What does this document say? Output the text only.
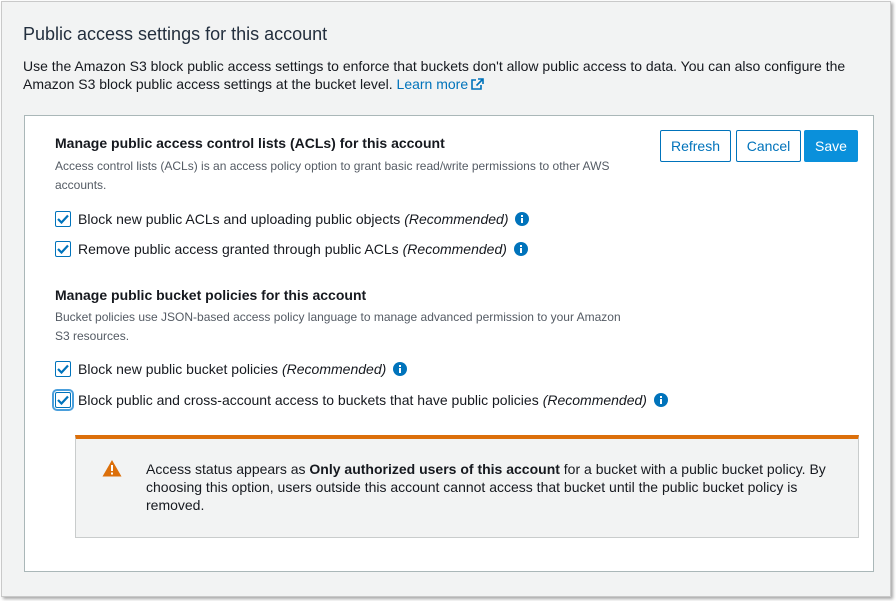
Public access settings for this account
Use the Amazon S3 block public access settings to enforce that buckets don't allow public access to data. You can also configure the Amazon S3 block public access settings at the bucket level. Learn more
Manage public access control lists (ACLs) for this account
Access control lists (ACLs) is an access policy option to grant basic read/write permissions to other AWS accounts.
Refresh	Cancel	Save
Block new public ACLs and uploading public objects (Recommended)
Remove public access granted through public ACLs (Recommended)
Manage public bucket policies for this account
Bucket policies use JSON-based access policy language to manage advanced permission to your Amazon S3 resources.
Block new public bucket policies (Recommended)
Block public and cross-account access to buckets that have public policies (Recommended)
Access status appears as Only authorized users of this account for a bucket with a public bucket policy. By choosing this option, users outside this account cannot access that bucket until the public bucket policy is removed.
